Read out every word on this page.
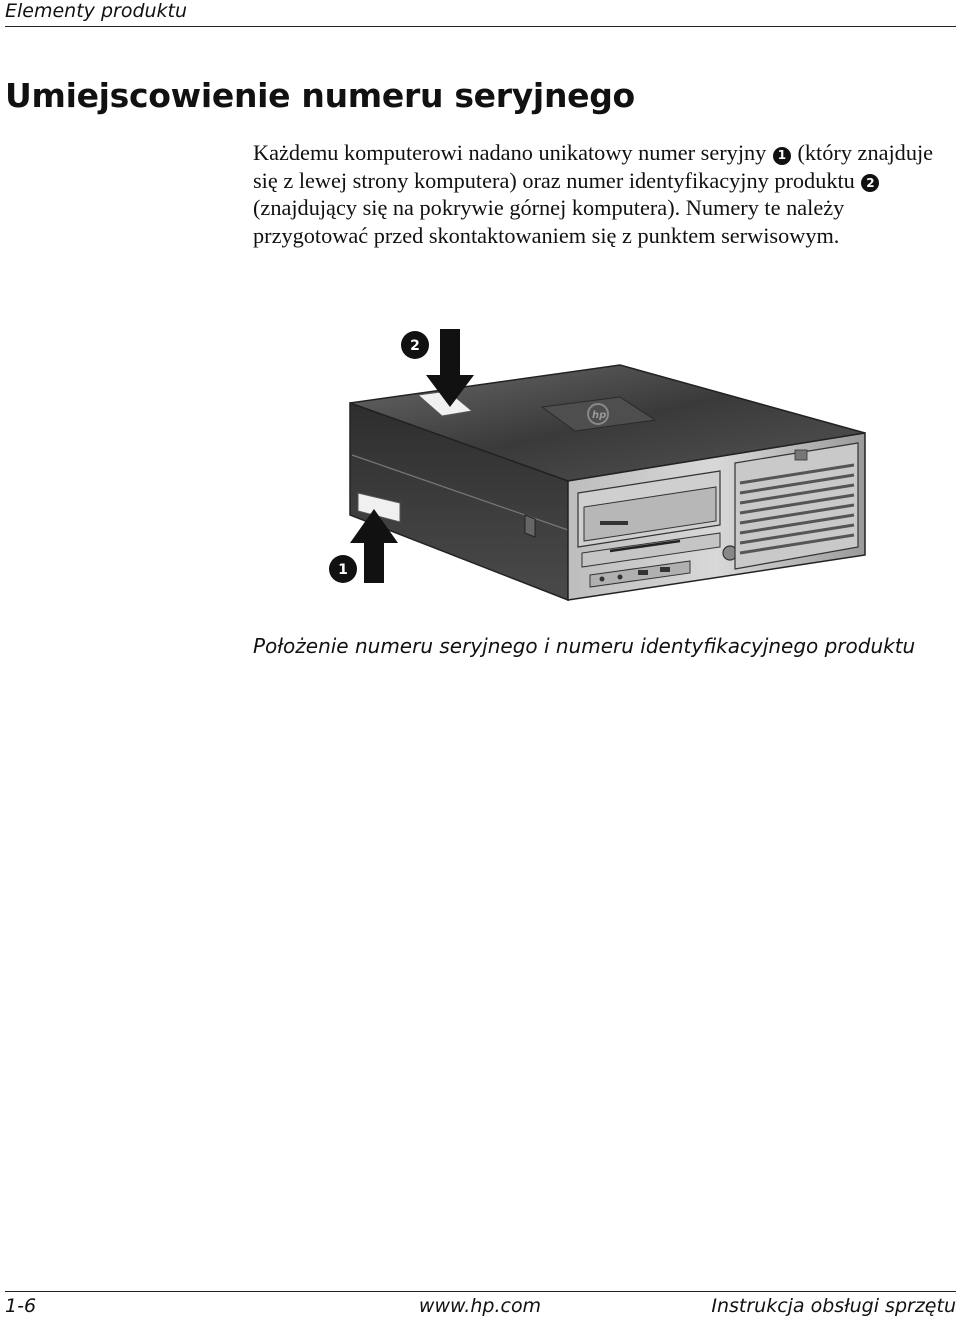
Elementy produktu
Umiejscowienie numeru seryjnego
Każdemu komputerowi nadano unikatowy numer seryjny 1 (który znajduje się z lewej strony komputera) oraz numer identyfikacyjny produktu 2 (znajdujący się na pokrywie górnej komputera). Numery te należy przygotować przed skontaktowaniem się z punktem serwisowym.
hp
2
1
Położenie numeru seryjnego i numeru identyfikacyjnego produktu
1-6	www.hp.com	Instrukcja obsługi sprzętu
